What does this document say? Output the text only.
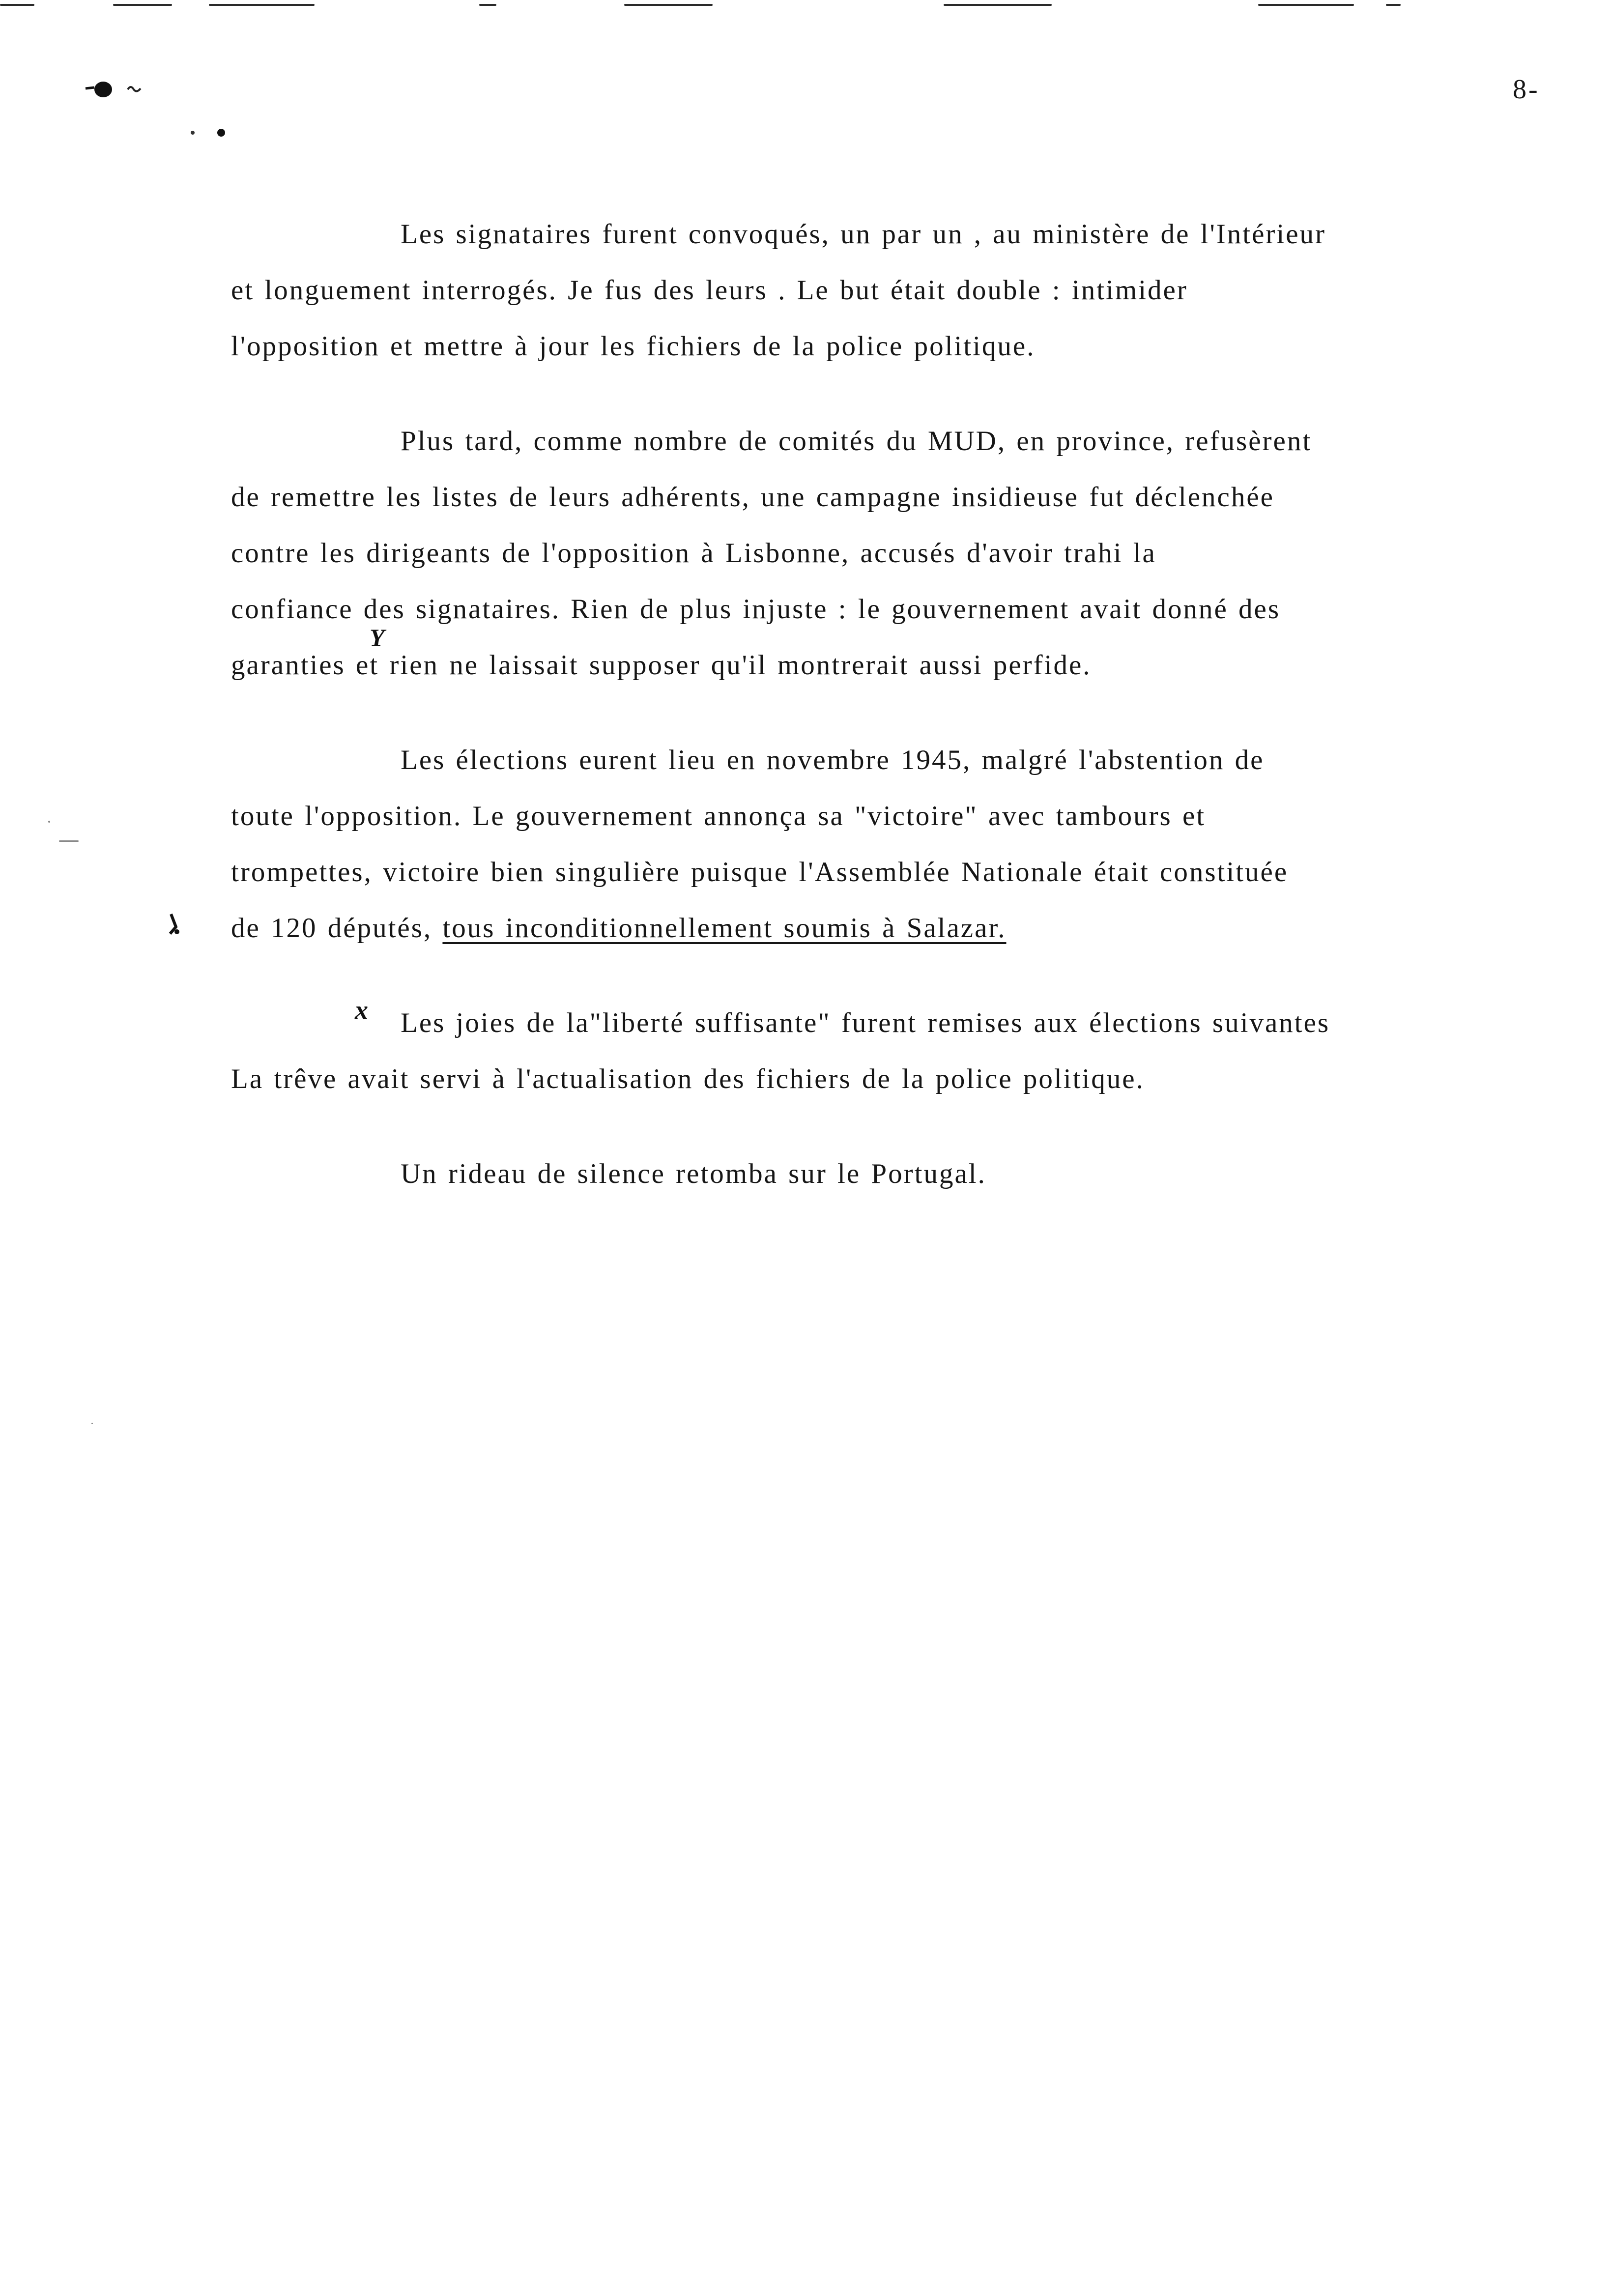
8-
Y
x
Les signataires furent convoqués, un par un , au ministère de l'Intérieur
et longuement interrogés. Je fus des leurs . Le but était double : intimider
l'opposition et mettre à jour les fichiers de la police politique.
Plus tard, comme nombre de comités du MUD, en province, refusèrent
de remettre les listes de leurs adhérents, une campagne insidieuse fut déclenchée
contre les dirigeants de l'opposition à Lisbonne, accusés d'avoir trahi la
confiance des signataires. Rien de plus injuste : le gouvernement avait donné des
garanties et rien ne laissait supposer qu'il montrerait aussi perfide.
Les élections eurent lieu en novembre 1945, malgré l'abstention de
toute l'opposition. Le gouvernement annonça sa "victoire" avec tambours et
trompettes, victoire bien singulière puisque l'Assemblée Nationale était constituée
de 120 députés, tous inconditionnellement soumis à Salazar.
Les joies de la"liberté suffisante" furent remises aux élections suivantes
La trêve avait servi à l'actualisation des fichiers de la police politique.
Un rideau de silence retomba sur le Portugal.
